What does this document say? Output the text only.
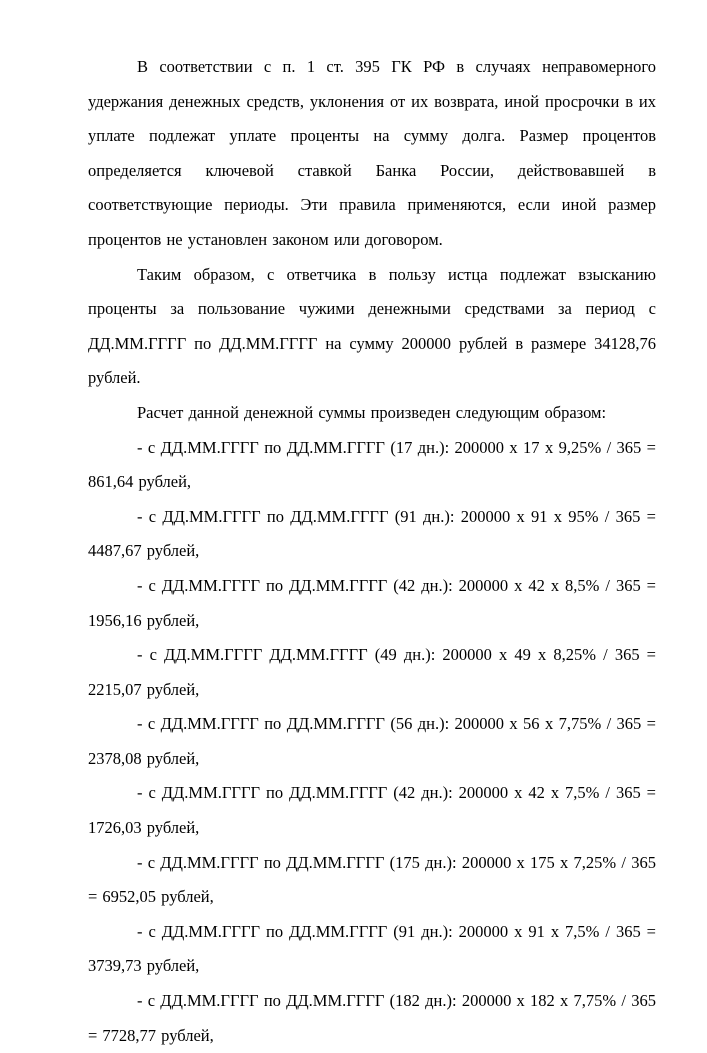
В соответствии с п. 1 ст. 395 ГК РФ в случаях неправомерного удержания денежных средств, уклонения от их возврата, иной просрочки в их уплате подлежат уплате проценты на сумму долга. Размер процентов определяется ключевой ставкой Банка России, действовавшей в соответствующие периоды. Эти правила применяются, если иной размер процентов не установлен законом или договором.

Таким образом, с ответчика в пользу истца подлежат взысканию проценты за пользование чужими денежными средствами за период с ДД.ММ.ГГГГ по ДД.ММ.ГГГГ на сумму 200000 рублей в размере 34128,76 рублей.

Расчет данной денежной суммы произведен следующим образом:

- с ДД.ММ.ГГГГ по ДД.ММ.ГГГГ (17 дн.): 200000 х 17 х 9,25% / 365 = 861,64 рублей,

- с ДД.ММ.ГГГГ по ДД.ММ.ГГГГ (91 дн.): 200000 х 91 х 95% / 365 = 4487,67 рублей,

- с ДД.ММ.ГГГГ по ДД.ММ.ГГГГ (42 дн.): 200000 х 42 х 8,5% / 365 = 1956,16 рублей,

- с ДД.ММ.ГГГГ ДД.ММ.ГГГГ (49 дн.): 200000 х 49 х 8,25% / 365 = 2215,07 рублей,

- с ДД.ММ.ГГГГ по ДД.ММ.ГГГГ (56 дн.): 200000 х 56 х 7,75% / 365 = 2378,08 рублей,

- с ДД.ММ.ГГГГ по ДД.ММ.ГГГГ (42 дн.): 200000 х 42 х 7,5% / 365 = 1726,03 рублей,

- с ДД.ММ.ГГГГ по ДД.ММ.ГГГГ (175 дн.): 200000 х 175 х 7,25% / 365 = 6952,05 рублей,

- с ДД.ММ.ГГГГ по ДД.ММ.ГГГГ (91 дн.): 200000 х 91 х 7,5% / 365 = 3739,73 рублей,

- с ДД.ММ.ГГГГ по ДД.ММ.ГГГГ (182 дн.): 200000 х 182 х 7,75% / 365 = 7728,77 рублей,
